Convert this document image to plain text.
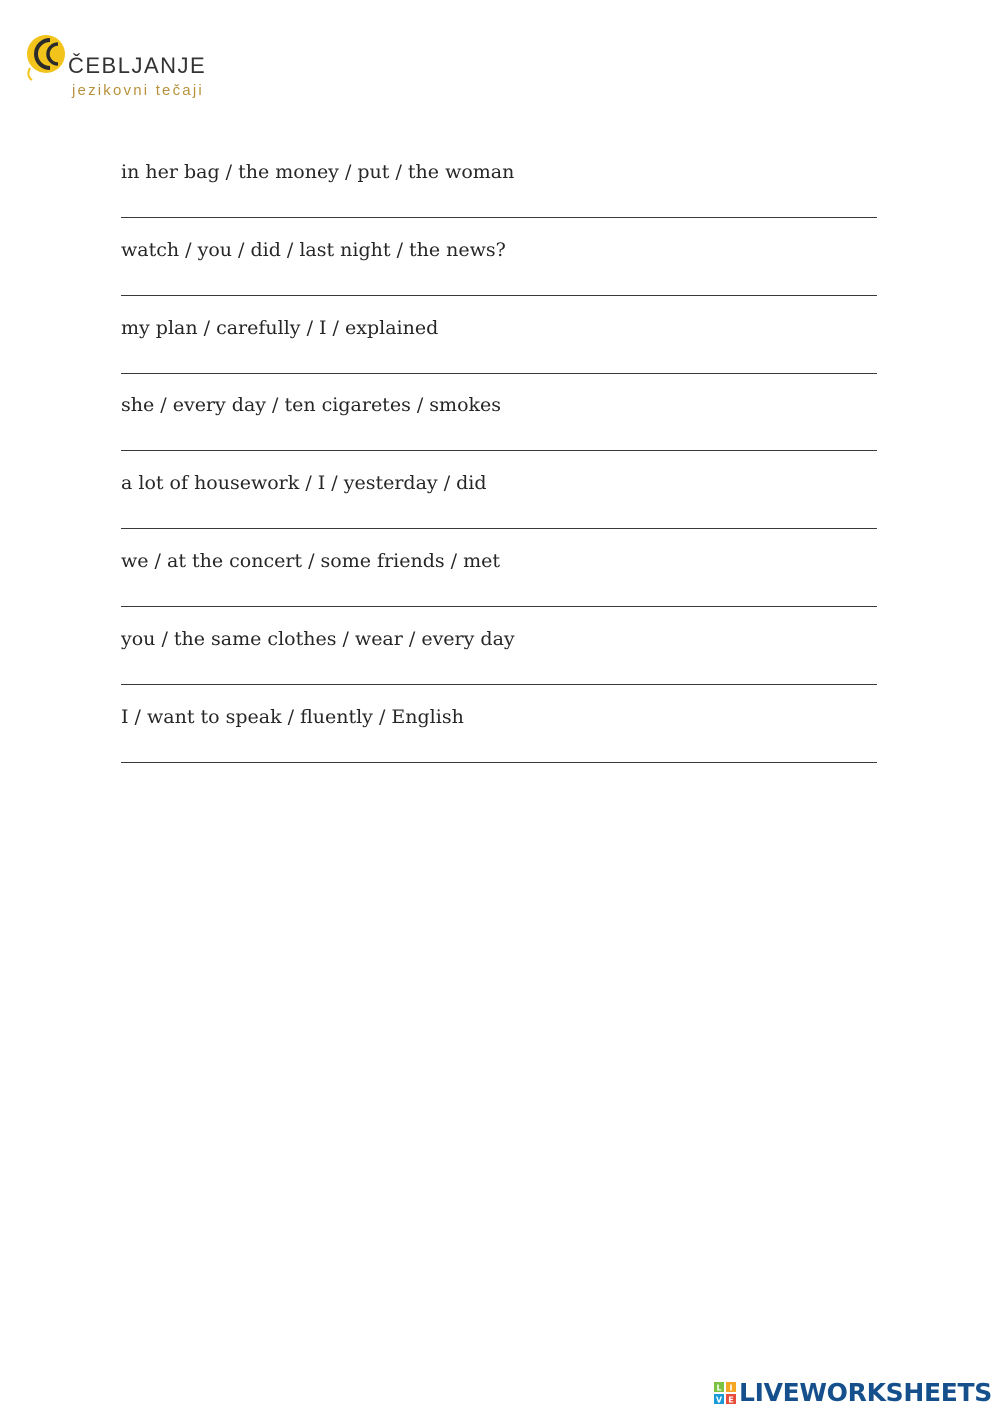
ČEBLJANJE
jezikovni tečaji
in her bag / the money / put / the woman
watch / you / did / last night / the news?
my plan / carefully / I / explained
she / every day / ten cigaretes / smokes
a lot of housework / I / yesterday / did
we / at the concert / some friends / met
you / the same clothes / wear / every day
I / want to speak / fluently / English
L I
V E LIVEWORKSHEETS
